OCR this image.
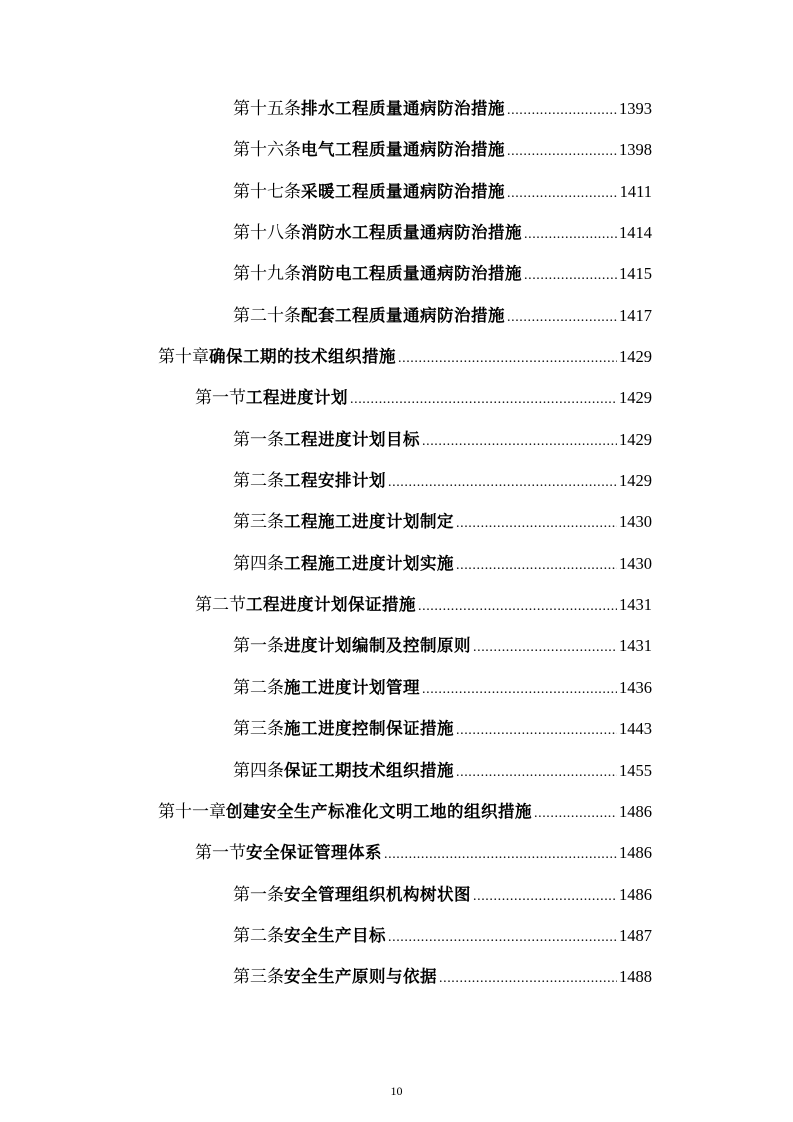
第十五条 排水工程质量通病防治措施 .....	1393
第十六条 电气工程质量通病防治措施 .....	1398
第十七条 采暖工程质量通病防治措施 .....	1411
第十八条 消防水工程质量通病防治措施 .....	1414
第十九条 消防电工程质量通病防治措施 .....	1415
第二十条 配套工程质量通病防治措施 .....	1417
第十章 确保工期的技术组织措施 .....	1429
第一节 工程进度计划 .....	1429
第一条 工程进度计划目标 .....	1429
第二条 工程安排计划 .....	1429
第三条 工程施工进度计划制定 .....	1430
第四条 工程施工进度计划实施 .....	1430
第二节 工程进度计划保证措施 .....	1431
第一条 进度计划编制及控制原则 .....	1431
第二条 施工进度计划管理 .....	1436
第三条 施工进度控制保证措施 .....	1443
第四条 保证工期技术组织措施 .....	1455
第十一章 创建安全生产标准化文明工地的组织措施 .....	1486
第一节 安全保证管理体系 .....	1486
第一条 安全管理组织机构树状图 .....	1486
第二条 安全生产目标 .....	1487
第三条 安全生产原则与依据 .....	1488
10
